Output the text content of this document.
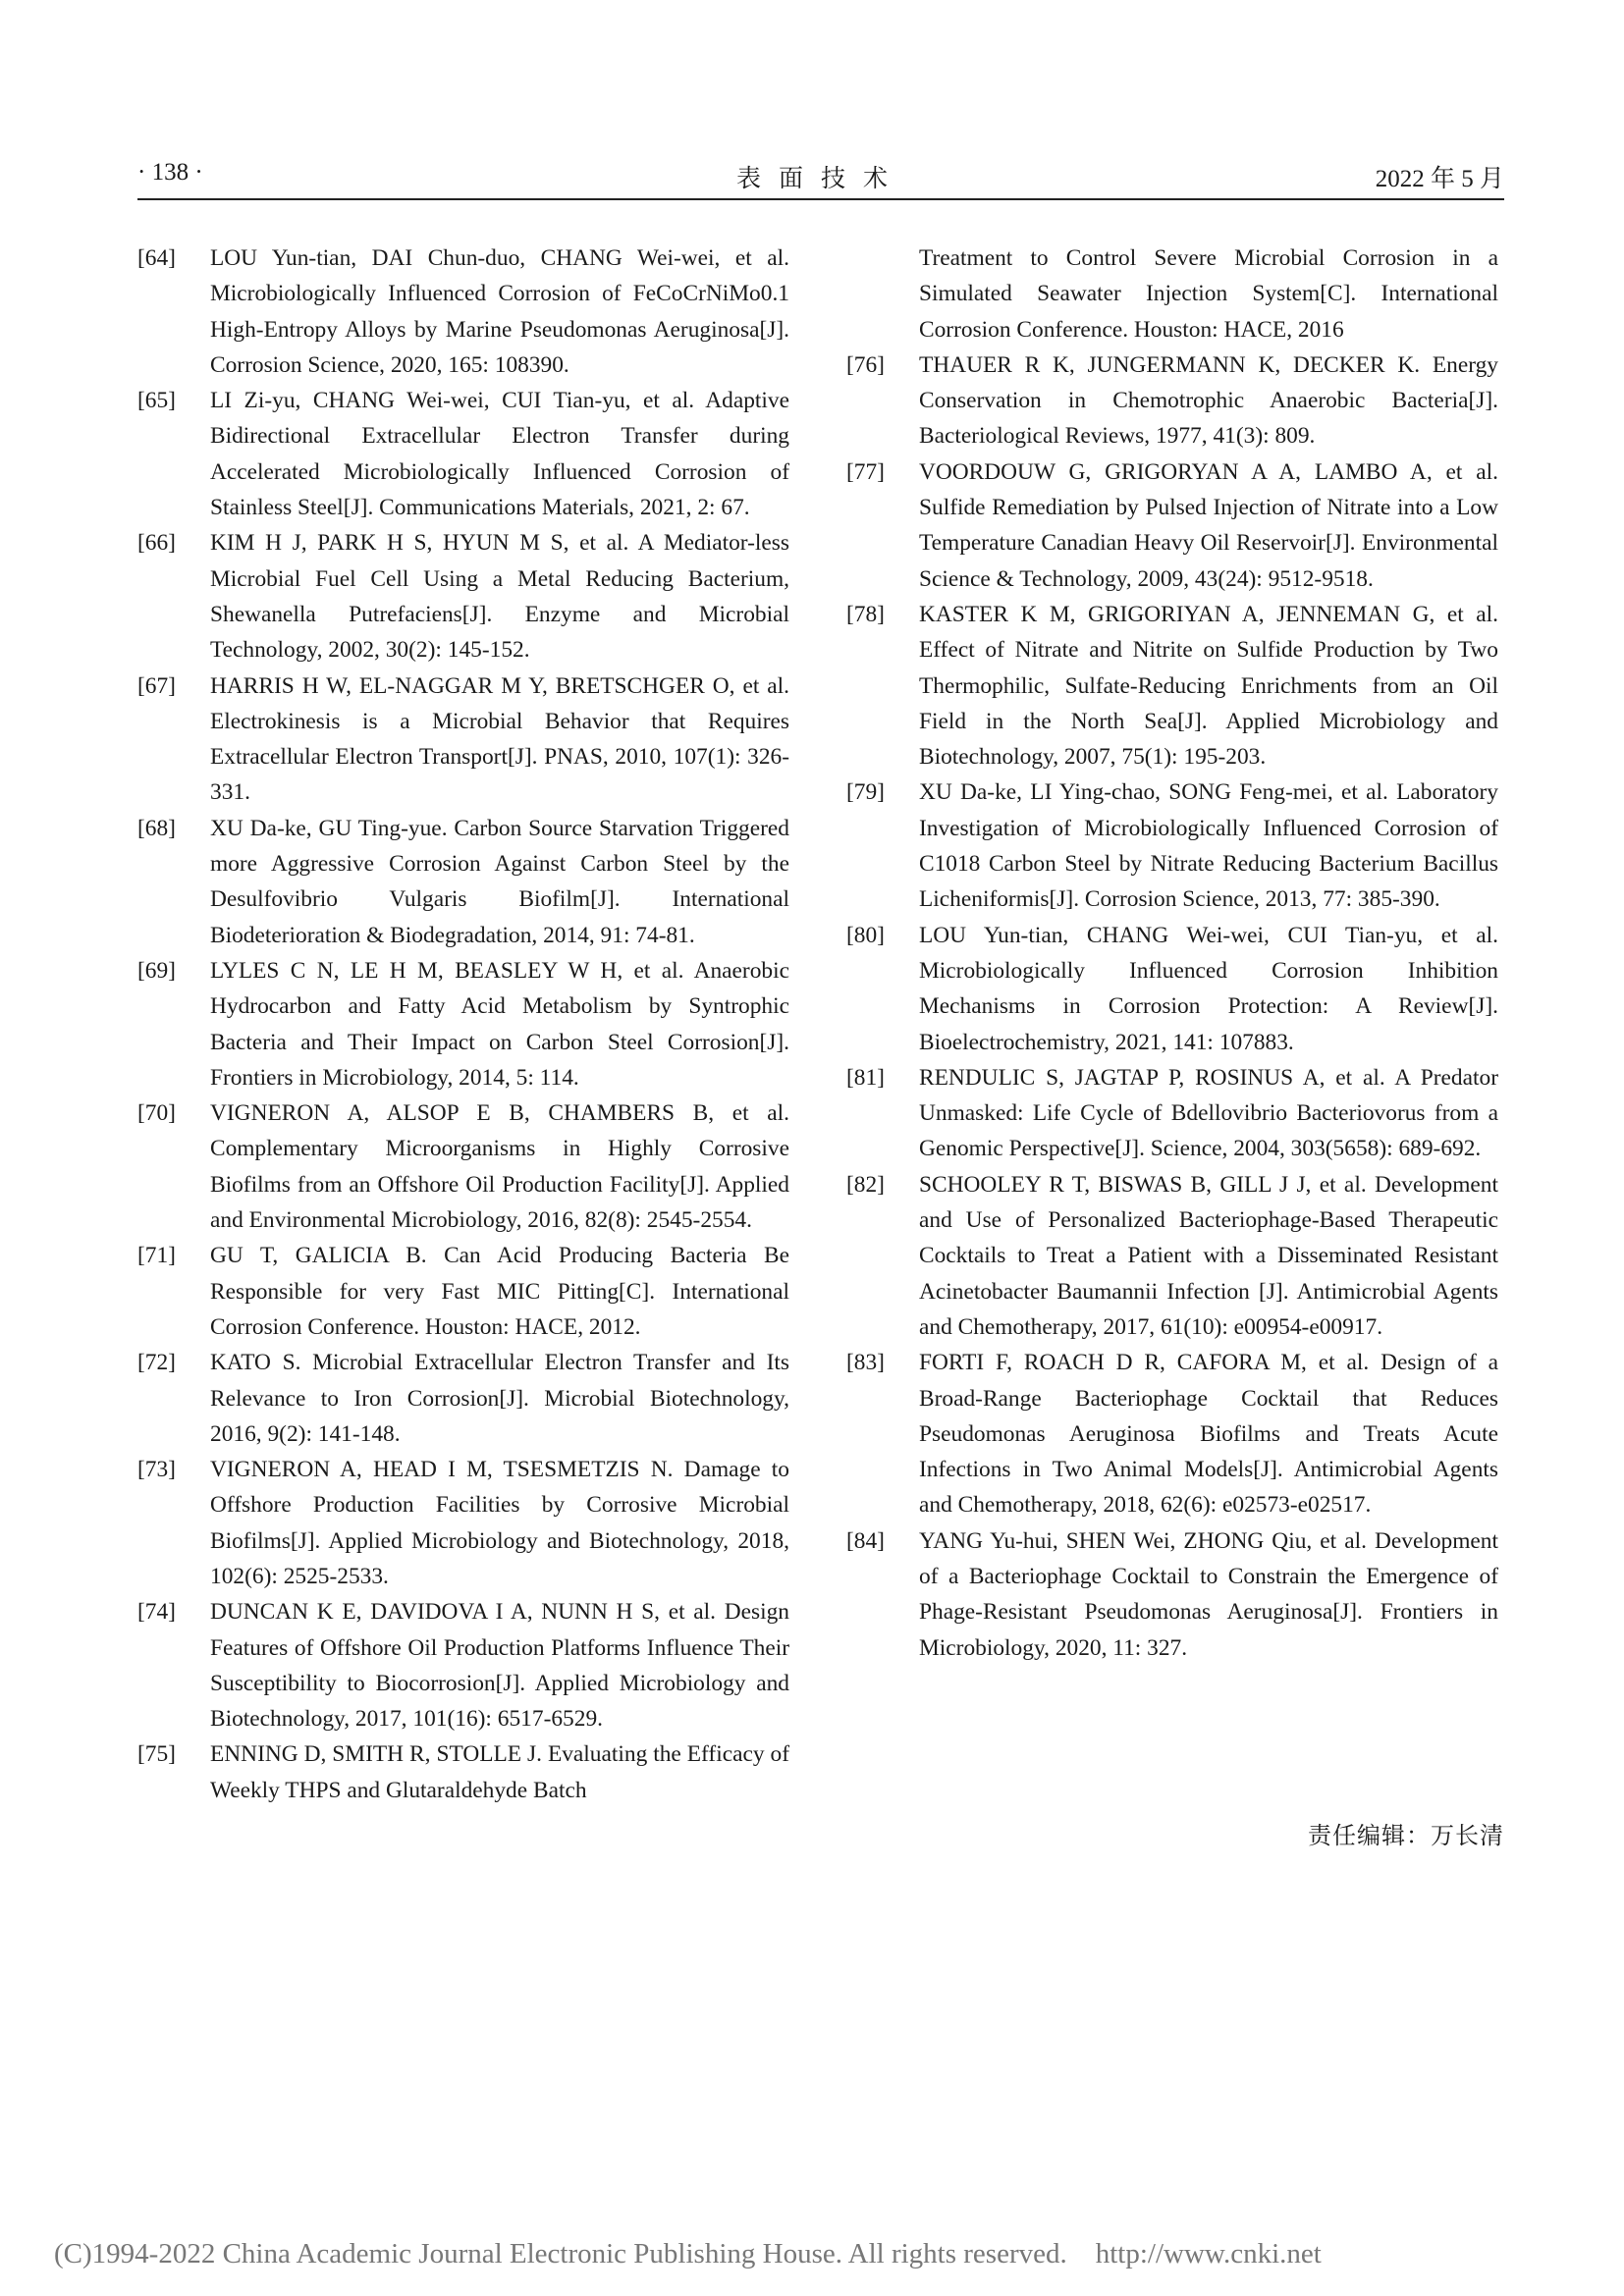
· 138 ·	表面技术	2022 年 5 月
[64]	LOU Yun-tian, DAI Chun-duo, CHANG Wei-wei, et al. Microbiologically Influenced Corrosion of FeCoCrNiMo0.1 High-Entropy Alloys by Marine Pseudomonas Aeruginosa[J]. Corrosion Science, 2020, 165: 108390.
[65]	LI Zi-yu, CHANG Wei-wei, CUI Tian-yu, et al. Adaptive Bidirectional Extracellular Electron Transfer during Accelerated Microbiologically Influenced Corrosion of Stainless Steel[J]. Communications Materials, 2021, 2: 67.
[66]	KIM H J, PARK H S, HYUN M S, et al. A Mediator-less Microbial Fuel Cell Using a Metal Reducing Bacterium, Shewanella Putrefaciens[J]. Enzyme and Microbial Technology, 2002, 30(2): 145-152.
[67]	HARRIS H W, EL-NAGGAR M Y, BRETSCHGER O, et al. Electrokinesis is a Microbial Behavior that Requires Extracellular Electron Transport[J]. PNAS, 2010, 107(1): 326-331.
[68]	XU Da-ke, GU Ting-yue. Carbon Source Starvation Triggered more Aggressive Corrosion Against Carbon Steel by the Desulfovibrio Vulgaris Biofilm[J]. International Biodeterioration & Biodegradation, 2014, 91: 74-81.
[69]	LYLES C N, LE H M, BEASLEY W H, et al. Anaerobic Hydrocarbon and Fatty Acid Metabolism by Syntrophic Bacteria and Their Impact on Carbon Steel Corrosion[J]. Frontiers in Microbiology, 2014, 5: 114.
[70]	VIGNERON A, ALSOP E B, CHAMBERS B, et al. Complementary Microorganisms in Highly Corrosive Biofilms from an Offshore Oil Production Facility[J]. Applied and Environmental Microbiology, 2016, 82(8): 2545-2554.
[71]	GU T, GALICIA B. Can Acid Producing Bacteria Be Responsible for very Fast MIC Pitting[C]. International Corrosion Conference. Houston: HACE, 2012.
[72]	KATO S. Microbial Extracellular Electron Transfer and Its Relevance to Iron Corrosion[J]. Microbial Biotechnology, 2016, 9(2): 141-148.
[73]	VIGNERON A, HEAD I M, TSESMETZIS N. Damage to Offshore Production Facilities by Corrosive Microbial Biofilms[J]. Applied Microbiology and Biotechnology, 2018, 102(6): 2525-2533.
[74]	DUNCAN K E, DAVIDOVA I A, NUNN H S, et al. Design Features of Offshore Oil Production Platforms Influence Their Susceptibility to Biocorrosion[J]. Applied Microbiology and Biotechnology, 2017, 101(16): 6517-6529.
[75]	ENNING D, SMITH R, STOLLE J. Evaluating the Efficacy of Weekly THPS and Glutaraldehyde Batch
Treatment to Control Severe Microbial Corrosion in a Simulated Seawater Injection System[C]. International Corrosion Conference. Houston: HACE, 2016
[76]	THAUER R K, JUNGERMANN K, DECKER K. Energy Conservation in Chemotrophic Anaerobic Bacteria[J]. Bacteriological Reviews, 1977, 41(3): 809.
[77]	VOORDOUW G, GRIGORYAN A A, LAMBO A, et al. Sulfide Remediation by Pulsed Injection of Nitrate into a Low Temperature Canadian Heavy Oil Reservoir[J]. Environmental Science & Technology, 2009, 43(24): 9512-9518.
[78]	KASTER K M, GRIGORIYAN A, JENNEMAN G, et al. Effect of Nitrate and Nitrite on Sulfide Production by Two Thermophilic, Sulfate-Reducing Enrichments from an Oil Field in the North Sea[J]. Applied Microbiology and Biotechnology, 2007, 75(1): 195-203.
[79]	XU Da-ke, LI Ying-chao, SONG Feng-mei, et al. Laboratory Investigation of Microbiologically Influenced Corrosion of C1018 Carbon Steel by Nitrate Reducing Bacterium Bacillus Licheniformis[J]. Corrosion Science, 2013, 77: 385-390.
[80]	LOU Yun-tian, CHANG Wei-wei, CUI Tian-yu, et al. Microbiologically Influenced Corrosion Inhibition Mechanisms in Corrosion Protection: A Review[J]. Bioelectrochemistry, 2021, 141: 107883.
[81]	RENDULIC S, JAGTAP P, ROSINUS A, et al. A Predator Unmasked: Life Cycle of Bdellovibrio Bacteriovorus from a Genomic Perspective[J]. Science, 2004, 303(5658): 689-692.
[82]	SCHOOLEY R T, BISWAS B, GILL J J, et al. Development and Use of Personalized Bacteriophage-Based Therapeutic Cocktails to Treat a Patient with a Disseminated Resistant Acinetobacter Baumannii Infection [J]. Antimicrobial Agents and Chemotherapy, 2017, 61(10): e00954-e00917.
[83]	FORTI F, ROACH D R, CAFORA M, et al. Design of a Broad-Range Bacteriophage Cocktail that Reduces Pseudomonas Aeruginosa Biofilms and Treats Acute Infections in Two Animal Models[J]. Antimicrobial Agents and Chemotherapy, 2018, 62(6): e02573-e02517.
[84]	YANG Yu-hui, SHEN Wei, ZHONG Qiu, et al. Development of a Bacteriophage Cocktail to Constrain the Emergence of Phage-Resistant Pseudomonas Aeruginosa[J]. Frontiers in Microbiology, 2020, 11: 327.
责任编辑：万长清
(C)1994-2022 China Academic Journal Electronic Publishing House. All rights reserved.    http://www.cnki.net
